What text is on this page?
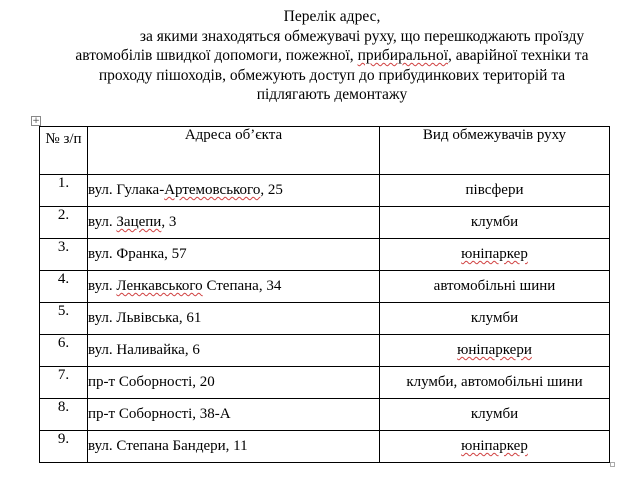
Перелік адрес,
за якими знаходяться обмежувачі руху, що перешкоджають проїзду
автомобілів швидкої допомоги, пожежної, прибиральної, аварійної техніки та
проходу пішоходів, обмежують доступ до прибудинкових територій та
підлягають демонтажу
+
№ з/п	Адреса об’єкта	Вид обмежувачів руху
1.	вул. Гулака-Артемовського, 25	півсфери
2.	вул. Зацепи, 3	клумби
3.	вул. Франка, 57	юніпаркер
4.	вул. Ленкавського Степана, 34	автомобільні шини
5.	вул. Львівська, 61	клумби
6.	вул. Наливайка, 6	юніпаркери
7.	пр-т Соборності, 20	клумби, автомобільні шини
8.	пр-т Соборності, 38-А	клумби
9.	вул. Степана Бандери, 11	юніпаркер
